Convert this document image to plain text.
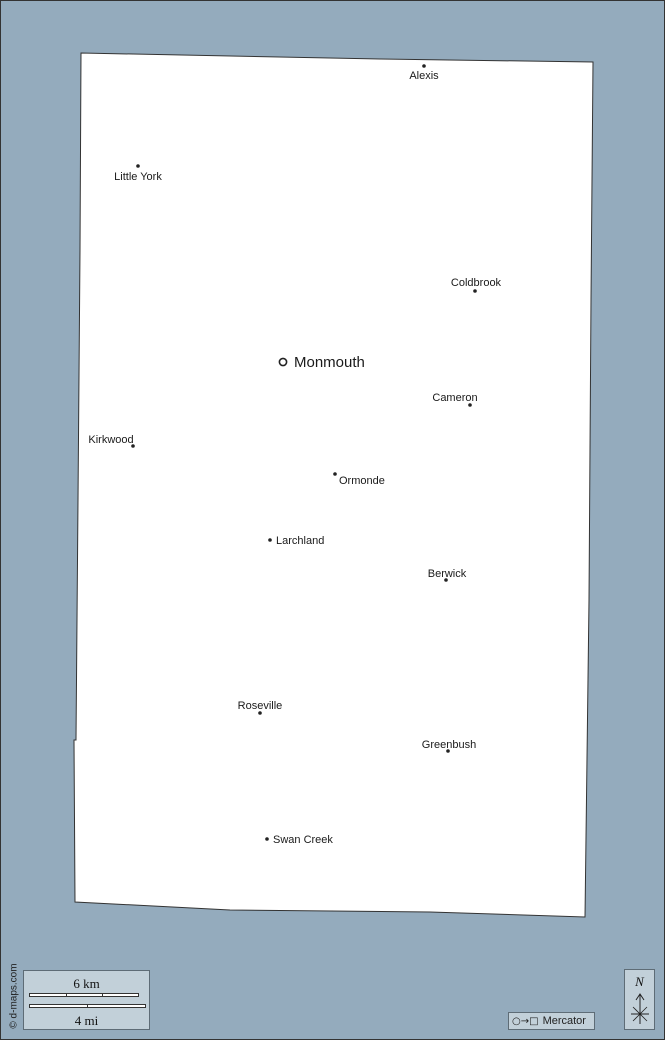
Monmouth
Alexis
Little York
Coldbrook
Cameron
Kirkwood
Ormonde
Larchland
Berwick
Roseville
Greenbush
Swan Creek
© d-maps.com	6 km
4 mi	○→□ Mercator
N
